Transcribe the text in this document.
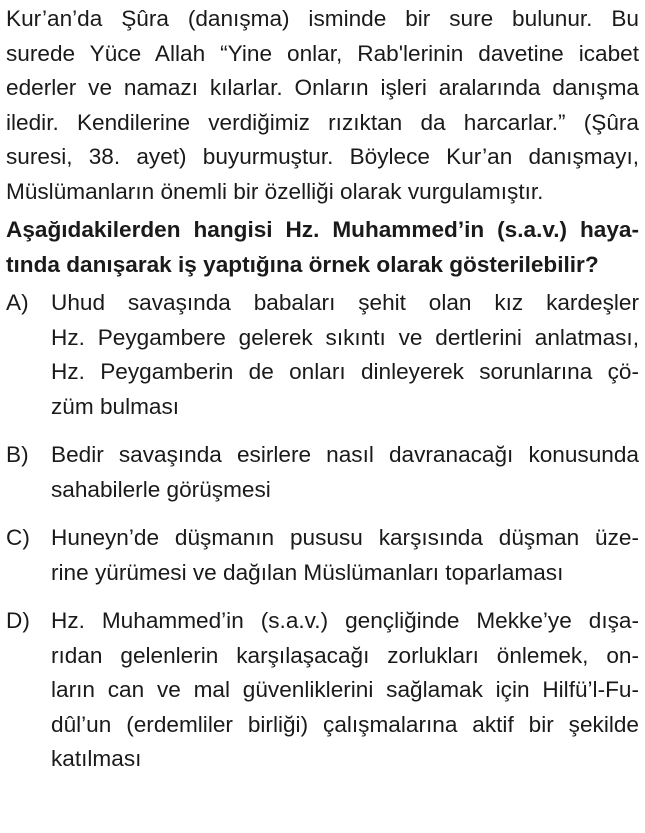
Kur’an’da Şûra (danışma) isminde bir sure bulunur. Bu
surede Yüce Allah “Yine onlar, Rab'lerinin davetine icabet
ederler ve namazı kılarlar. Onların işleri aralarında danışma
iledir. Kendilerine verdiğimiz rızıktan da harcarlar.” (Şûra
suresi, 38. ayet) buyurmuştur. Böylece Kur’an danışmayı,
Müslümanların önemli bir özelliği olarak vurgulamıştır.
Aşağıdakilerden hangisi Hz. Muhammed’in (s.a.v.) haya-
tında danışarak iş yaptığına örnek olarak gösterilebilir?
A) Uhud savaşında babaları şehit olan kız kardeşler
Hz. Peygambere gelerek sıkıntı ve dertlerini anlatması,
Hz. Peygamberin de onları dinleyerek sorunlarına çö-
züm bulması
B) Bedir savaşında esirlere nasıl davranacağı konusunda
sahabilerle görüşmesi
C) Huneyn’de düşmanın pususu karşısında düşman üze-
rine yürümesi ve dağılan Müslümanları toparlaması
D) Hz. Muhammed’in (s.a.v.) gençliğinde Mekke’ye dışa-
rıdan gelenlerin karşılaşacağı zorlukları önlemek, on-
ların can ve mal güvenliklerini sağlamak için Hilfü’l-Fu-
dûl’un (erdemliler birliği) çalışmalarına aktif bir şekilde
katılması
